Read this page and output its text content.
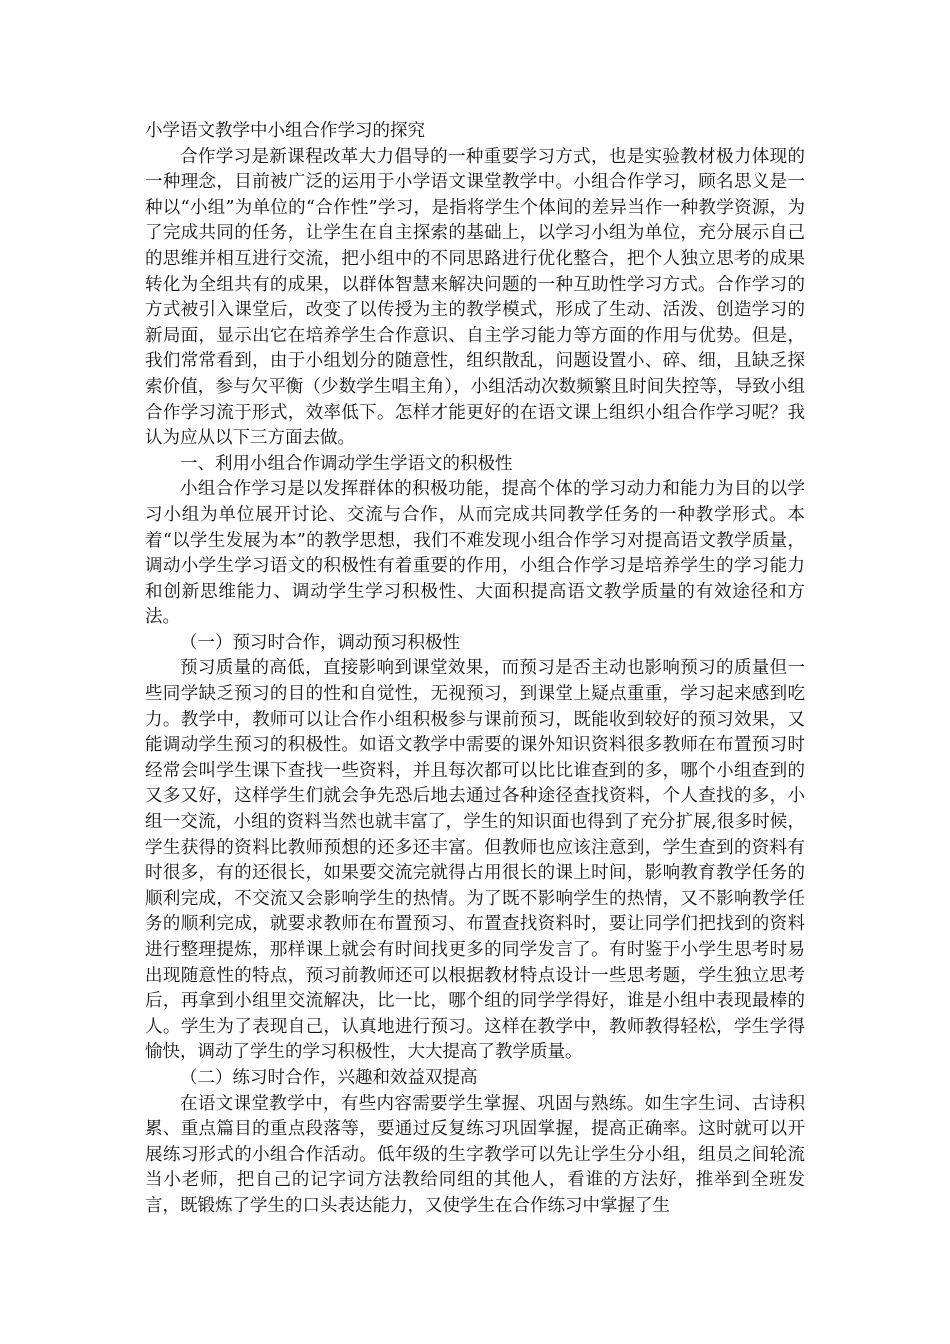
小学语文教学中小组合作学习的探究

合作学习是新课程改革大力倡导的一种重要学习方式，也是实验教材极力体现的一种理念，目前被广泛的运用于小学语文课堂教学中。小组合作学习，顾名思义是一种以“小组”为单位的“合作性”学习，是指将学生个体间的差异当作一种教学资源，为了完成共同的任务，让学生在自主探索的基础上，以学习小组为单位，充分展示自己的思维并相互进行交流，把小组中的不同思路进行优化整合，把个人独立思考的成果转化为全组共有的成果，以群体智慧来解决问题的一种互助性学习方式。合作学习的方式被引入课堂后，改变了以传授为主的教学模式，形成了生动、活泼、创造学习的新局面，显示出它在培养学生合作意识、自主学习能力等方面的作用与优势。但是，我们常常看到，由于小组划分的随意性，组织散乱，问题设置小、碎、细，且缺乏探索价值，参与欠平衡（少数学生唱主角），小组活动次数频繁且时间失控等，导致小组合作学习流于形式，效率低下。怎样才能更好的在语文课上组织小组合作学习呢？我认为应从以下三方面去做。

一、利用小组合作调动学生学语文的积极性

小组合作学习是以发挥群体的积极功能，提高个体的学习动力和能力为目的以学习小组为单位展开讨论、交流与合作，从而完成共同教学任务的一种教学形式。本着“以学生发展为本”的教学思想，我们不难发现小组合作学习对提高语文教学质量，调动小学生学习语文的积极性有着重要的作用，小组合作学习是培养学生的学习能力和创新思维能力、调动学生学习积极性、大面积提高语文教学质量的有效途径和方法。

（一）预习时合作，调动预习积极性

预习质量的高低，直接影响到课堂效果，而预习是否主动也影响预习的质量但一些同学缺乏预习的目的性和自觉性，无视预习，到课堂上疑点重重，学习起来感到吃力。教学中，教师可以让合作小组积极参与课前预习，既能收到较好的预习效果，又能调动学生预习的积极性。如语文教学中需要的课外知识资料很多教师在布置预习时经常会叫学生课下查找一些资料，并且每次都可以比比谁查到的多，哪个小组查到的又多又好，这样学生们就会争先恐后地去通过各种途径查找资料，个人查找的多，小组一交流，小组的资料当然也就丰富了，学生的知识面也得到了充分扩展,很多时候，学生获得的资料比教师预想的还多还丰富。但教师也应该注意到，学生查到的资料有时很多，有的还很长，如果要交流完就得占用很长的课上时间，影响教育教学任务的顺利完成，不交流又会影响学生的热情。为了既不影响学生的热情，又不影响教学任务的顺利完成，就要求教师在布置预习、布置查找资料时，要让同学们把找到的资料进行整理提炼，那样课上就会有时间找更多的同学发言了。有时鉴于小学生思考时易出现随意性的特点，预习前教师还可以根据教材特点设计一些思考题，学生独立思考后，再拿到小组里交流解决，比一比，哪个组的同学学得好，谁是小组中表现最棒的人。学生为了表现自己，认真地进行预习。这样在教学中，教师教得轻松，学生学得愉快，调动了学生的学习积极性，大大提高了教学质量。

（二）练习时合作，兴趣和效益双提高

在语文课堂教学中，有些内容需要学生掌握、巩固与熟练。如生字生词、古诗积累、重点篇目的重点段落等，要通过反复练习巩固掌握，提高正确率。这时就可以开展练习形式的小组合作活动。低年级的生字教学可以先让学生分小组，组员之间轮流当小老师，把自己的记字词方法教给同组的其他人，看谁的方法好，推举到全班发言，既锻炼了学生的口头表达能力，又使学生在合作练习中掌握了生
